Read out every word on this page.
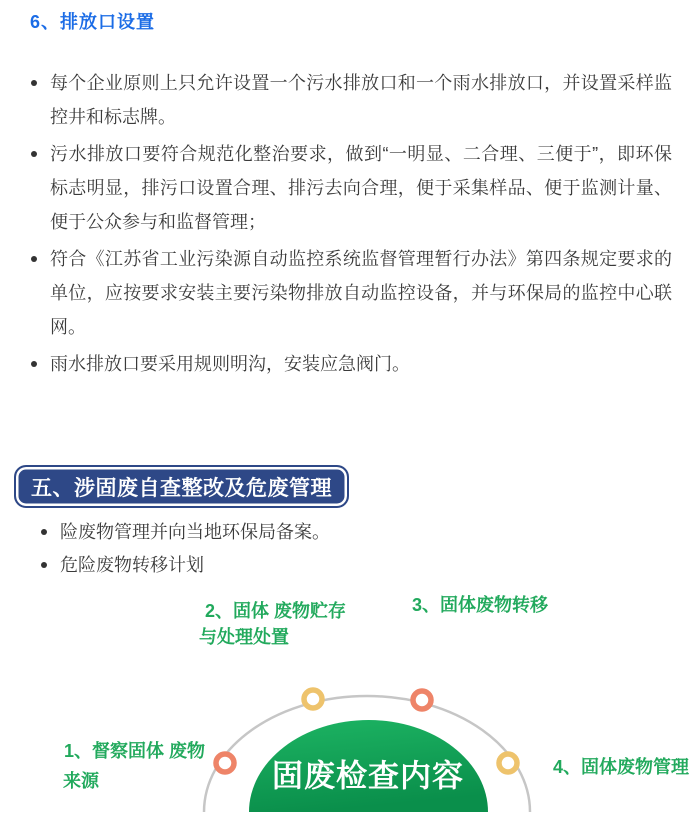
6、排放口设置
每个企业原则上只允许设置一个污水排放口和一个雨水排放口，并设置采样监控井和标志牌。
污水排放口要符合规范化整治要求，做到“一明显、二合理、三便于”，即环保标志明显，排污口设置合理、排污去向合理，便于采集样品、便于监测计量、便于公众参与和监督管理；
符合《江苏省工业污染源自动监控系统监督管理暂行办法》第四条规定要求的单位，应按要求安装主要污染物排放自动监控设备，并与环保局的监控中心联网。
雨水排放口要采用规则明沟，安装应急阀门。
五、涉固废自查整改及危废管理
险废物管理并向当地环保局备案。
危险废物转移计划
1、督察固体 废物
来源
2、固体 废物贮存
与处理处置
3、固体废物转移
4、固体废物管理
固废检查内容
